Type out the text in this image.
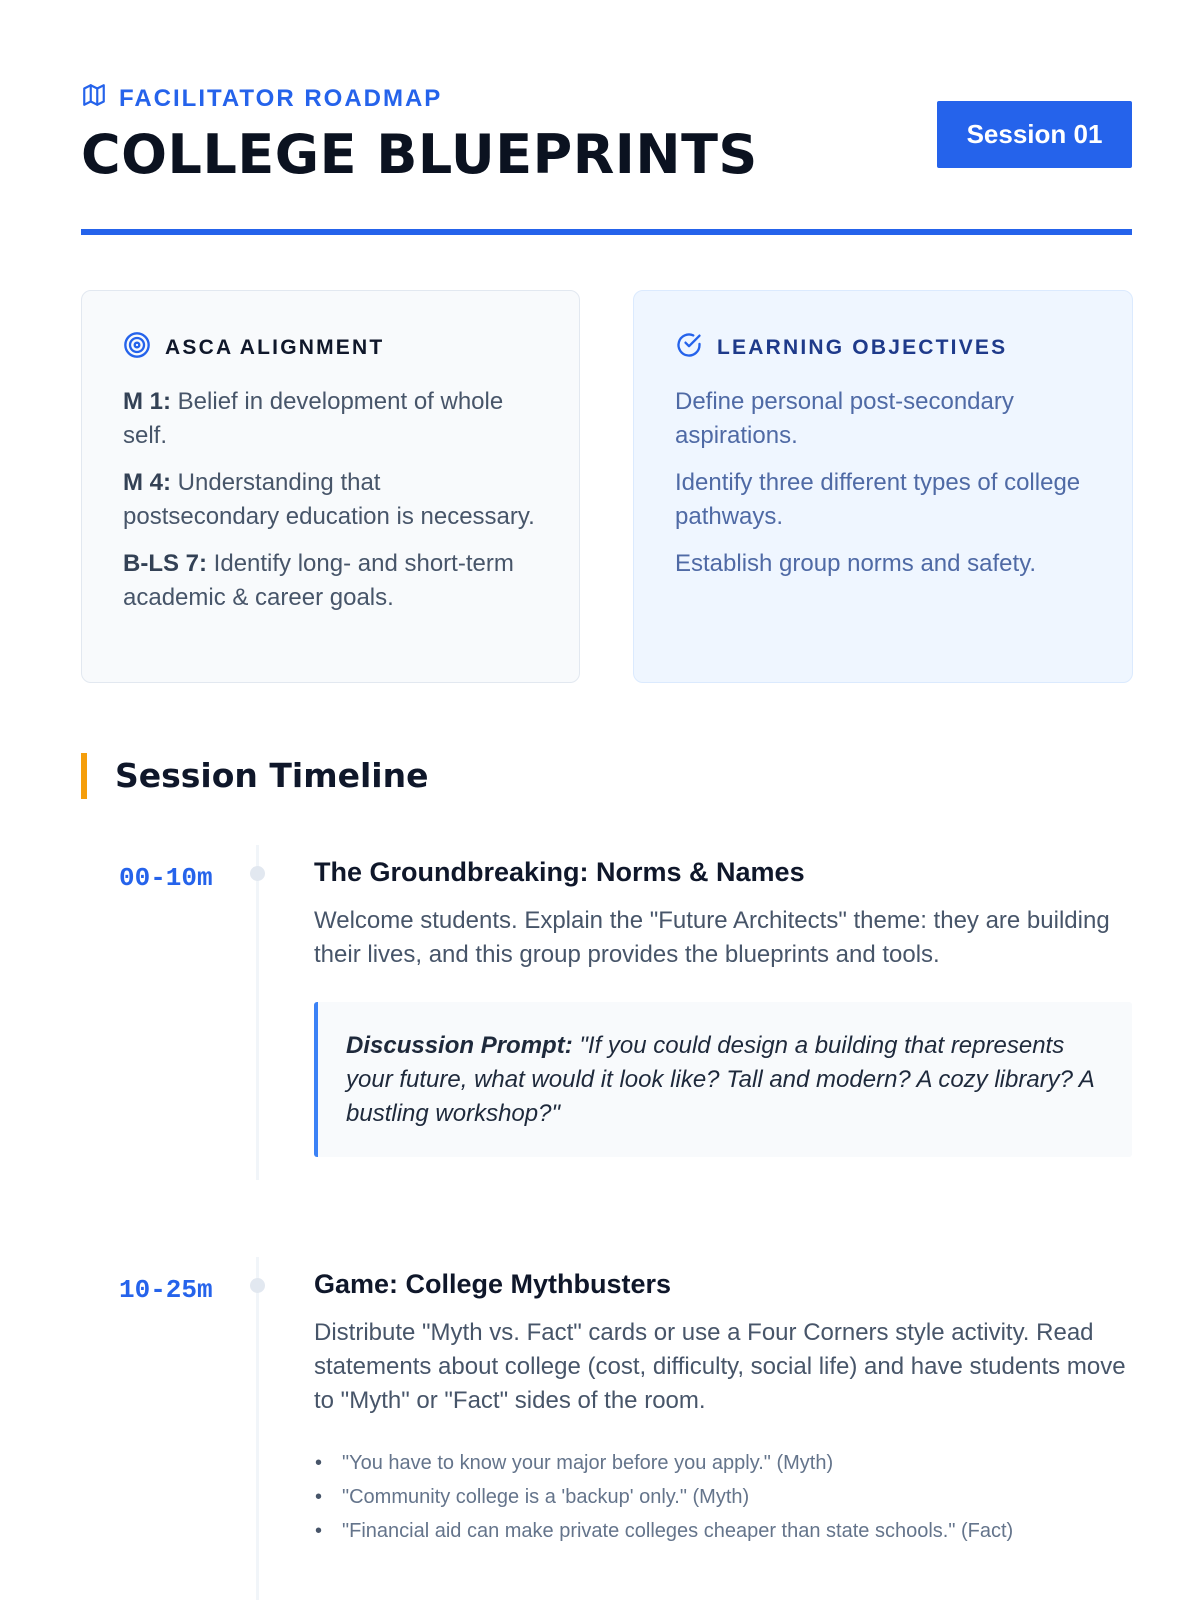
FACILITATOR ROADMAP
COLLEGE BLUEPRINTS	Session 01
ASCA ALIGNMENT

M 1: Belief in development of whole self.

M 4: Understanding that postsecondary education is necessary.

B-LS 7: Identify long- and short-term academic & career goals.

LEARNING OBJECTIVES

Define personal post-secondary aspirations.

Identify three different types of college pathways.

Establish group norms and safety.

Session Timeline
00-10m	The Groundbreaking: Norms & Names
Welcome students. Explain the "Future Architects" theme: they are building their lives, and this group provides the blueprints and tools.
Discussion Prompt: "If you could design a building that represents your future, what would it look like? Tall and modern? A cozy library? A bustling workshop?"
10-25m	Game: College Mythbusters
Distribute "Myth vs. Fact" cards or use a Four Corners style activity. Read statements about college (cost, difficulty, social life) and have students move to "Myth" or "Fact" sides of the room.
• "You have to know your major before you apply." (Myth)
• "Community college is a 'backup' only." (Myth)
• "Financial aid can make private colleges cheaper than state schools." (Fact)
